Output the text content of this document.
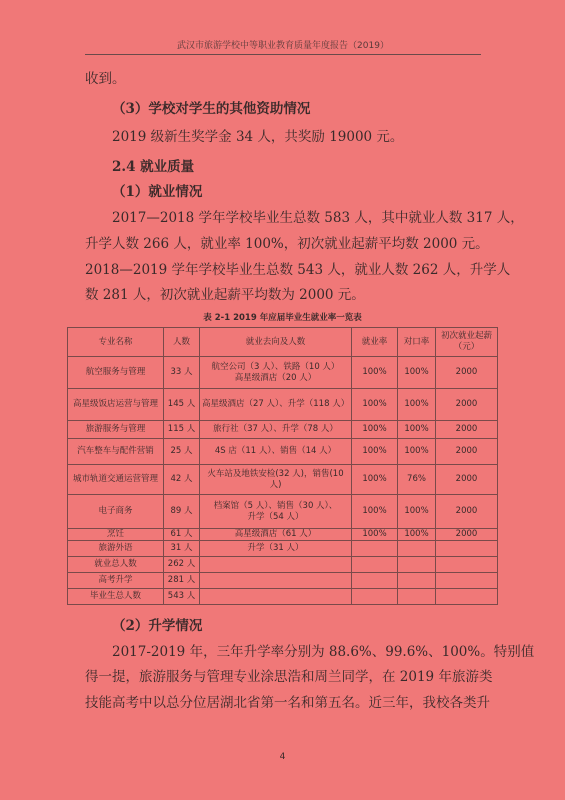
武汉市旅游学校中等职业教育质量年度报告（2019）
收到。
（3）学校对学生的其他资助情况
2019 级新生奖学金 34 人，共奖励 19000 元。
2.4 就业质量
（1）就业情况
2017—2018 学年学校毕业生总数 583 人，其中就业人数 317 人，
升学人数 266 人，就业率 100%，初次就业起薪平均数 2000 元。
2018—2019 学年学校毕业生总数 543 人，就业人数 262 人，升学人
数 281 人，初次就业起薪平均数为 2000 元。
表 2-1 2019 年应届毕业生就业率一览表
专业名称	人数	就业去向及人数	就业率	对口率	初次就业起薪（元）
航空服务与管理	33 人	航空公司（3 人）、铁路（10 人）
高星级酒店（20 人）	100%	100%	2000
高星级饭店运营与管理	145 人	高星级酒店（27 人）、升学（118 人）	100%	100%	2000
旅游服务与管理	115 人	旅行社（37 人）、升学（78 人）	100%	100%	2000
汽车整车与配件营销	25 人	4S 店（11 人）、销售（14 人）	100%	100%	2000
城市轨道交通运营管理	42 人	火车站及地铁安检(32 人)，销售(10 人)	100%	76%	2000
电子商务	89 人	档案馆（5 人）、销售（30 人）、
升学（54 人）	100%	100%	2000
烹饪	61 人	高星级酒店（61 人）	100%	100%	2000
旅游外语	31 人	升学（31 人）			
就业总人数	262 人				
高考升学	281 人				
毕业生总人数	543 人				
（2）升学情况
2017-2019 年，三年升学率分别为 88.6%、99.6%、100%。特别值
得一提，旅游服务与管理专业涂思浩和周兰同学，在 2019 年旅游类
技能高考中以总分位居湖北省第一名和第五名。近三年，我校各类升
4
